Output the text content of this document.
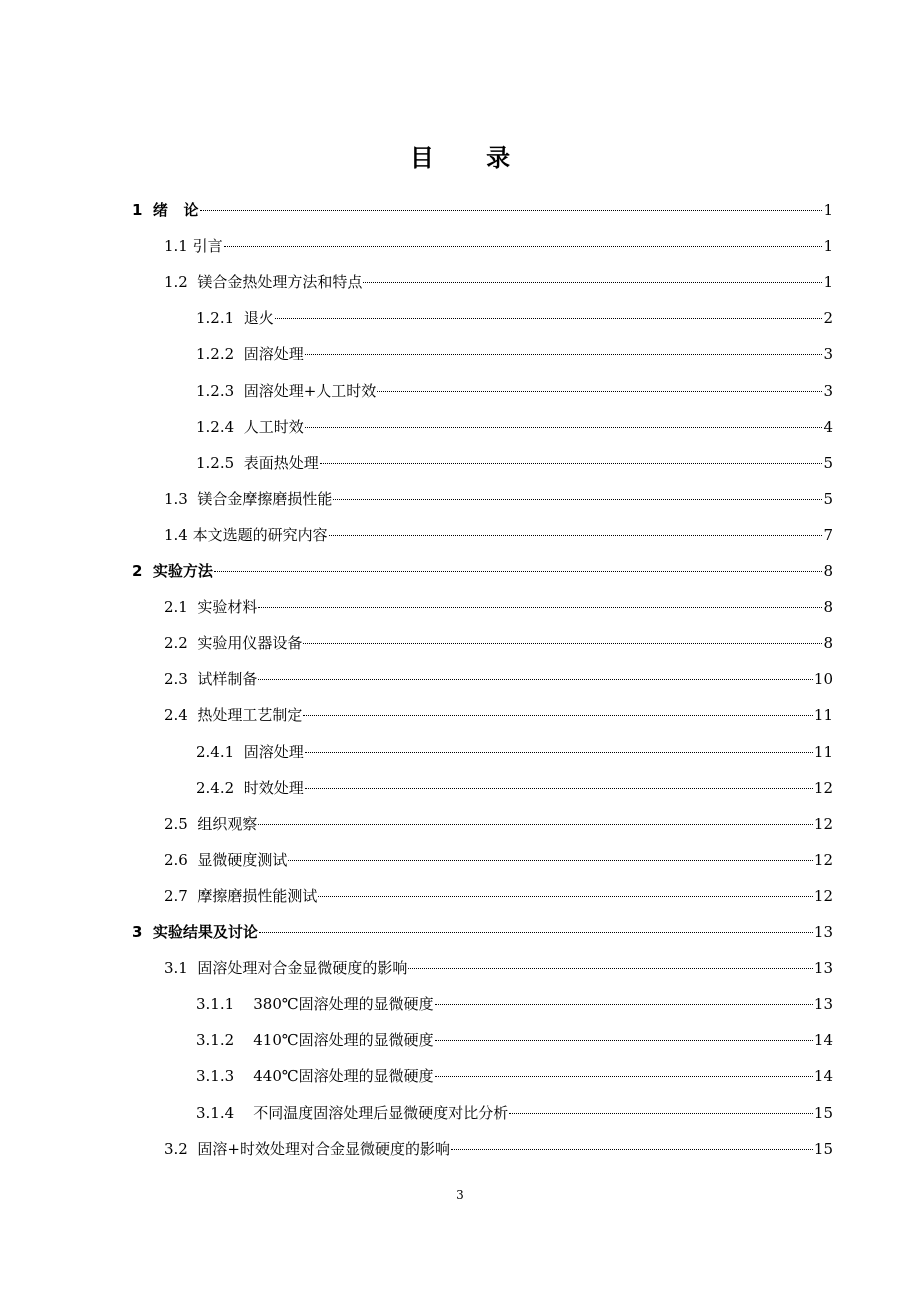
目 录
1  绪   论	1
1.1 引言	1
1.2  镁合金热处理方法和特点	1
1.2.1  退火	2
1.2.2  固溶处理	3
1.2.3  固溶处理+人工时效	3
1.2.4  人工时效	4
1.2.5  表面热处理	5
1.3  镁合金摩擦磨损性能	5
1.4 本文选题的研究内容	7
2  实验方法	8
2.1  实验材料	8
2.2  实验用仪器设备	8
2.3  试样制备	10
2.4  热处理工艺制定	11
2.4.1  固溶处理	11
2.4.2  时效处理	12
2.5  组织观察	12
2.6  显微硬度测试	12
2.7  摩擦磨损性能测试	12
3  实验结果及讨论	13
3.1  固溶处理对合金显微硬度的影响	13
3.1.1    380℃固溶处理的显微硬度	13
3.1.2    410℃固溶处理的显微硬度	14
3.1.3    440℃固溶处理的显微硬度	14
3.1.4    不同温度固溶处理后显微硬度对比分析	15
3.2  固溶+时效处理对合金显微硬度的影响	15
3
